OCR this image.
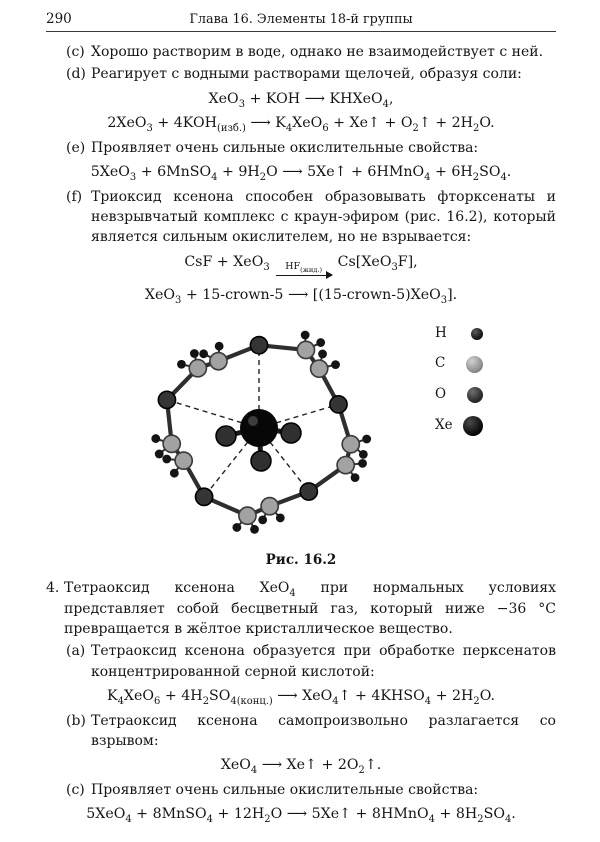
290	Глава 16. Элементы 18-й группы
(c) Хорошо растворим в воде, однако не взаимодействует с ней.

(d) Реагирует с водными растворами щелочей, образуя соли:

XeO$_3$ + KOH ⟶ KHXeO$_4$,

$2XeO_3 + 4KOH_{(изб.)}$ ⟶ $K_4XeO_6$ + Xe↑ + $O_2↑ + 2H_2O$.

(e) Проявляет очень сильные окислительные свойства:

5XeO$_3$ + 6MnSO$_4$ + $9H_2O$ ⟶ 5Xe↑ + 6HMnO$_4$ + $6H_2SO_4$.

(f) Триоксид ксенона способен образовывать фторксенаты и невзрывчатый комплекс с краун-эфиром (рис. 16.2), который является сильным окислителем, но не взрывается:

CsF + XeO$_3$ $HF_{(жид.)}$ Cs[XeO$_3$F],

XeO$_3$ + 15-crown-5 ⟶ [(15-crown-5)XeO$_3$].

H
C
O
Xe
Рис. 16.2
4. Тетраоксид ксенона XeO$_4$ при нормальных условиях представляет собой бесцветный газ, который ниже −36 °C превращается в жёлтое кристаллическое вещество.

(a) Тетраоксид ксенона образуется при обработке перксенатов концентрированной серной кислотой:

$K_4XeO_6 + 4H_2SO_{4(конц.)}$ ⟶ XeO$_4$↑ + $4KHSO_4 + 2H_2O$.

(b) Тетраоксид ксенона самопроизвольно разлагается со взрывом:

XeO$_4$ ⟶ Xe↑ + $2O_2↑$.

(c) Проявляет очень сильные окислительные свойства:

5XeO$_4$ + 8MnSO$_4$ + $12H_2O$ ⟶ 5Xe↑ + 8HMnO$_4$ + $8H_2SO_4$.
